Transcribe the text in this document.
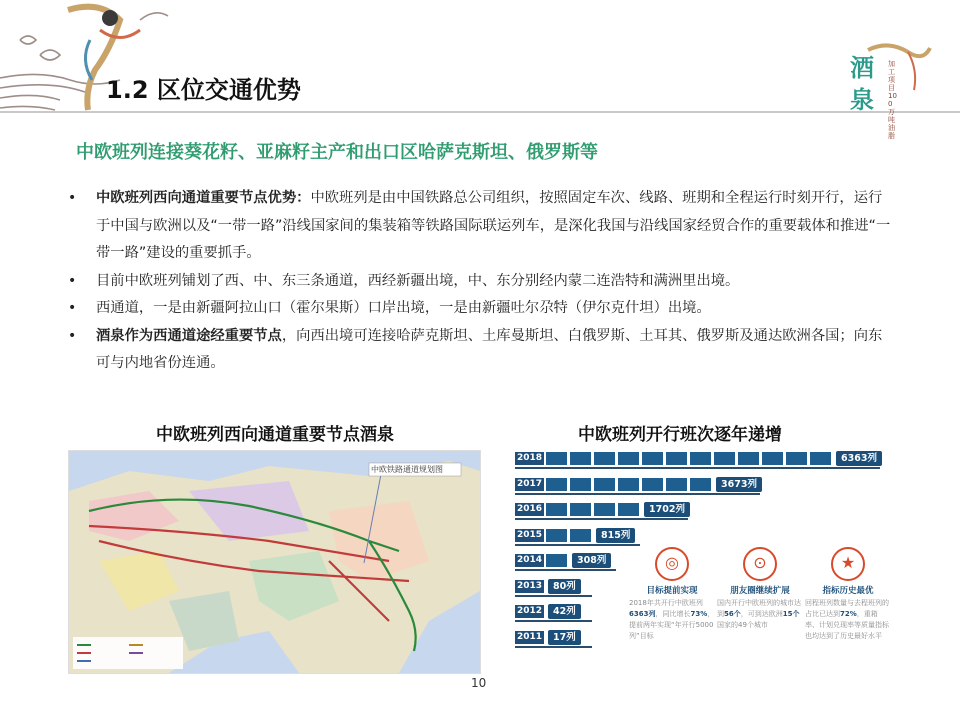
1.2 区位交通优势
酒
泉
加工项目 100万吨油脂
中欧班列连接葵花籽、亚麻籽主产和出口区哈萨克斯坦、俄罗斯等
• 中欧班列西向通道重要节点优势：中欧班列是由中国铁路总公司组织，按照固定车次、线路、班期和全程运行时刻开行，运行于中国与欧洲以及“一带一路”沿线国家间的集装箱等铁路国际联运列车，是深化我国与沿线国家经贸合作的重要载体和推进“一带一路”建设的重要抓手。
• 目前中欧班列铺划了西、中、东三条通道，西经新疆出境，中、东分别经内蒙二连浩特和满洲里出境。
• 西通道，一是由新疆阿拉山口（霍尔果斯）口岸出境，一是由新疆吐尔尕特（伊尔克什坦）出境。
• 酒泉作为西通道途经重要节点，向西出境可连接哈萨克斯坦、土库曼斯坦、白俄罗斯、土耳其、俄罗斯及通达欧洲各国；向东可与内地省份连通。
中欧班列西向通道重要节点酒泉
中欧铁路通道规划图
中欧班列开行班次逐年递增
2018	6363列
2017	3673列
2016	1702列
2015	815列
2014	308列
2013	80列
2012	42列
2011	17列
◎
目标提前实现
2018年共开行中欧班列6363列，同比增长73%，提前两年实现“年开行5000列”目标
⊙
朋友圈继续扩展
国内开行中欧班列的城市达到56个，可到达欧洲15个国家的49个城市
★
指标历史最优
回程班列数量与去程班列的占比已达到72%，重箱率、计划兑现率等质量指标也均达到了历史最好水平
10
